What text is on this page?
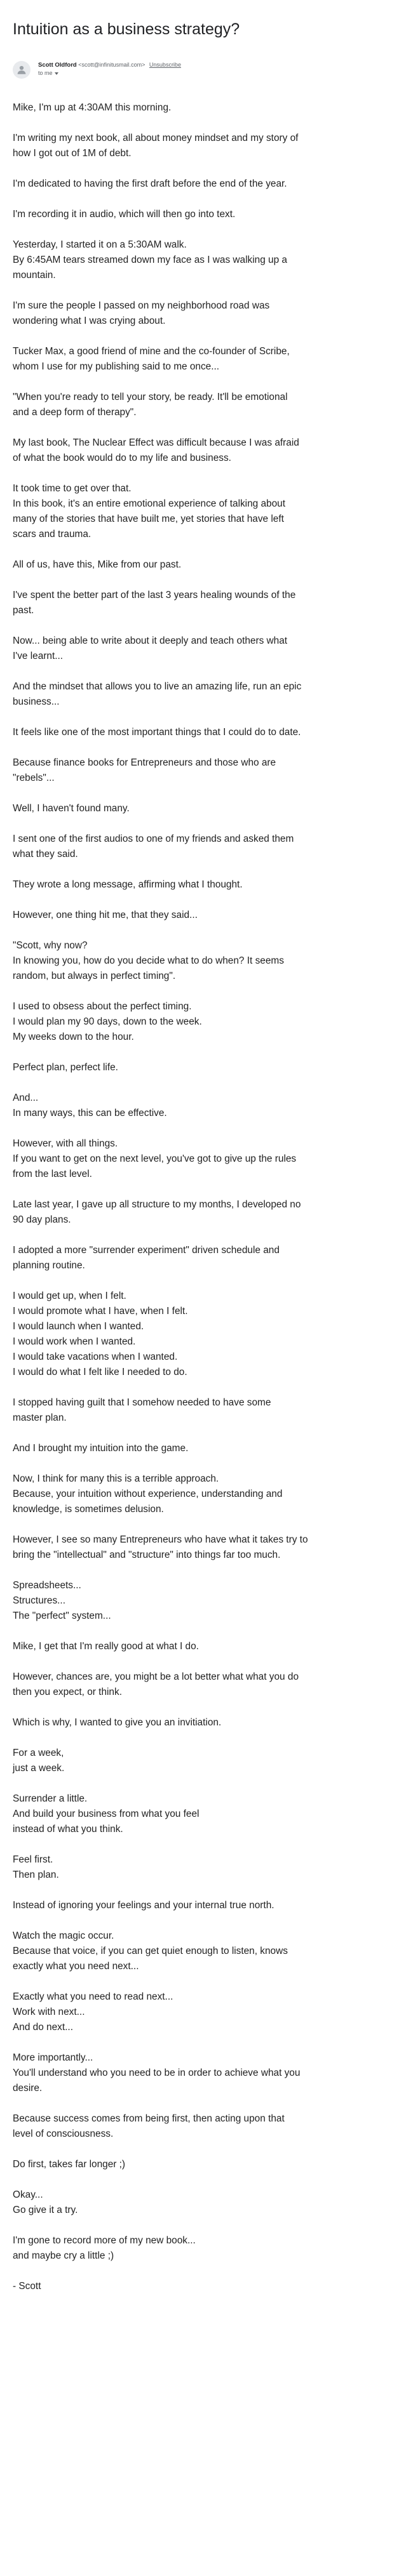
Intuition as a business strategy?
Scott Oldford <scott@infinitusmail.com> Unsubscribe
to me
Mike, I'm up at 4:30AM this morning.
I'm writing my next book, all about money mindset and my story of
how I got out of 1M of debt.
I'm dedicated to having the first draft before the end of the year.
I'm recording it in audio, which will then go into text.
Yesterday, I started it on a 5:30AM walk.
By 6:45AM tears streamed down my face as I was walking up a
mountain.
I'm sure the people I passed on my neighborhood road was
wondering what I was crying about.
Tucker Max, a good friend of mine and the co-founder of Scribe,
whom I use for my publishing said to me once...
"When you're ready to tell your story, be ready. It'll be emotional
and a deep form of therapy".
My last book, The Nuclear Effect was difficult because I was afraid
of what the book would do to my life and business.
It took time to get over that.
In this book, it's an entire emotional experience of talking about
many of the stories that have built me, yet stories that have left
scars and trauma.
All of us, have this, Mike from our past.
I've spent the better part of the last 3 years healing wounds of the
past.
Now... being able to write about it deeply and teach others what
I've learnt...
And the mindset that allows you to live an amazing life, run an epic
business...
It feels like one of the most important things that I could do to date.
Because finance books for Entrepreneurs and those who are
"rebels"...
Well, I haven't found many.
I sent one of the first audios to one of my friends and asked them
what they said.
They wrote a long message, affirming what I thought.
However, one thing hit me, that they said...
"Scott, why now?
In knowing you, how do you decide what to do when? It seems
random, but always in perfect timing".
I used to obsess about the perfect timing.
I would plan my 90 days, down to the week.
My weeks down to the hour.
Perfect plan, perfect life.
And...
In many ways, this can be effective.
However, with all things.
If you want to get on the next level, you've got to give up the rules
from the last level.
Late last year, I gave up all structure to my months, I developed no
90 day plans.
I adopted a more "surrender experiment" driven schedule and
planning routine.
I would get up, when I felt.
I would promote what I have, when I felt.
I would launch when I wanted.
I would work when I wanted.
I would take vacations when I wanted.
I would do what I felt like I needed to do.
I stopped having guilt that I somehow needed to have some
master plan.
And I brought my intuition into the game.
Now, I think for many this is a terrible approach.
Because, your intuition without experience, understanding and
knowledge, is sometimes delusion.
However, I see so many Entrepreneurs who have what it takes try to
bring the "intellectual" and "structure" into things far too much.
Spreadsheets...
Structures...
The "perfect" system...
Mike, I get that I'm really good at what I do.
However, chances are, you might be a lot better what what you do
then you expect, or think.
Which is why, I wanted to give you an invitiation.
For a week,
just a week.
Surrender a little.
And build your business from what you feel
instead of what you think.
Feel first.
Then plan.
Instead of ignoring your feelings and your internal true north.
Watch the magic occur.
Because that voice, if you can get quiet enough to listen, knows
exactly what you need next...
Exactly what you need to read next...
Work with next...
And do next...
More importantly...
You'll understand who you need to be in order to achieve what you
desire.
Because success comes from being first, then acting upon that
level of consciousness.
Do first, takes far longer ;)
Okay...
Go give it a try.
I'm gone to record more of my new book...
and maybe cry a little ;)
- Scott
